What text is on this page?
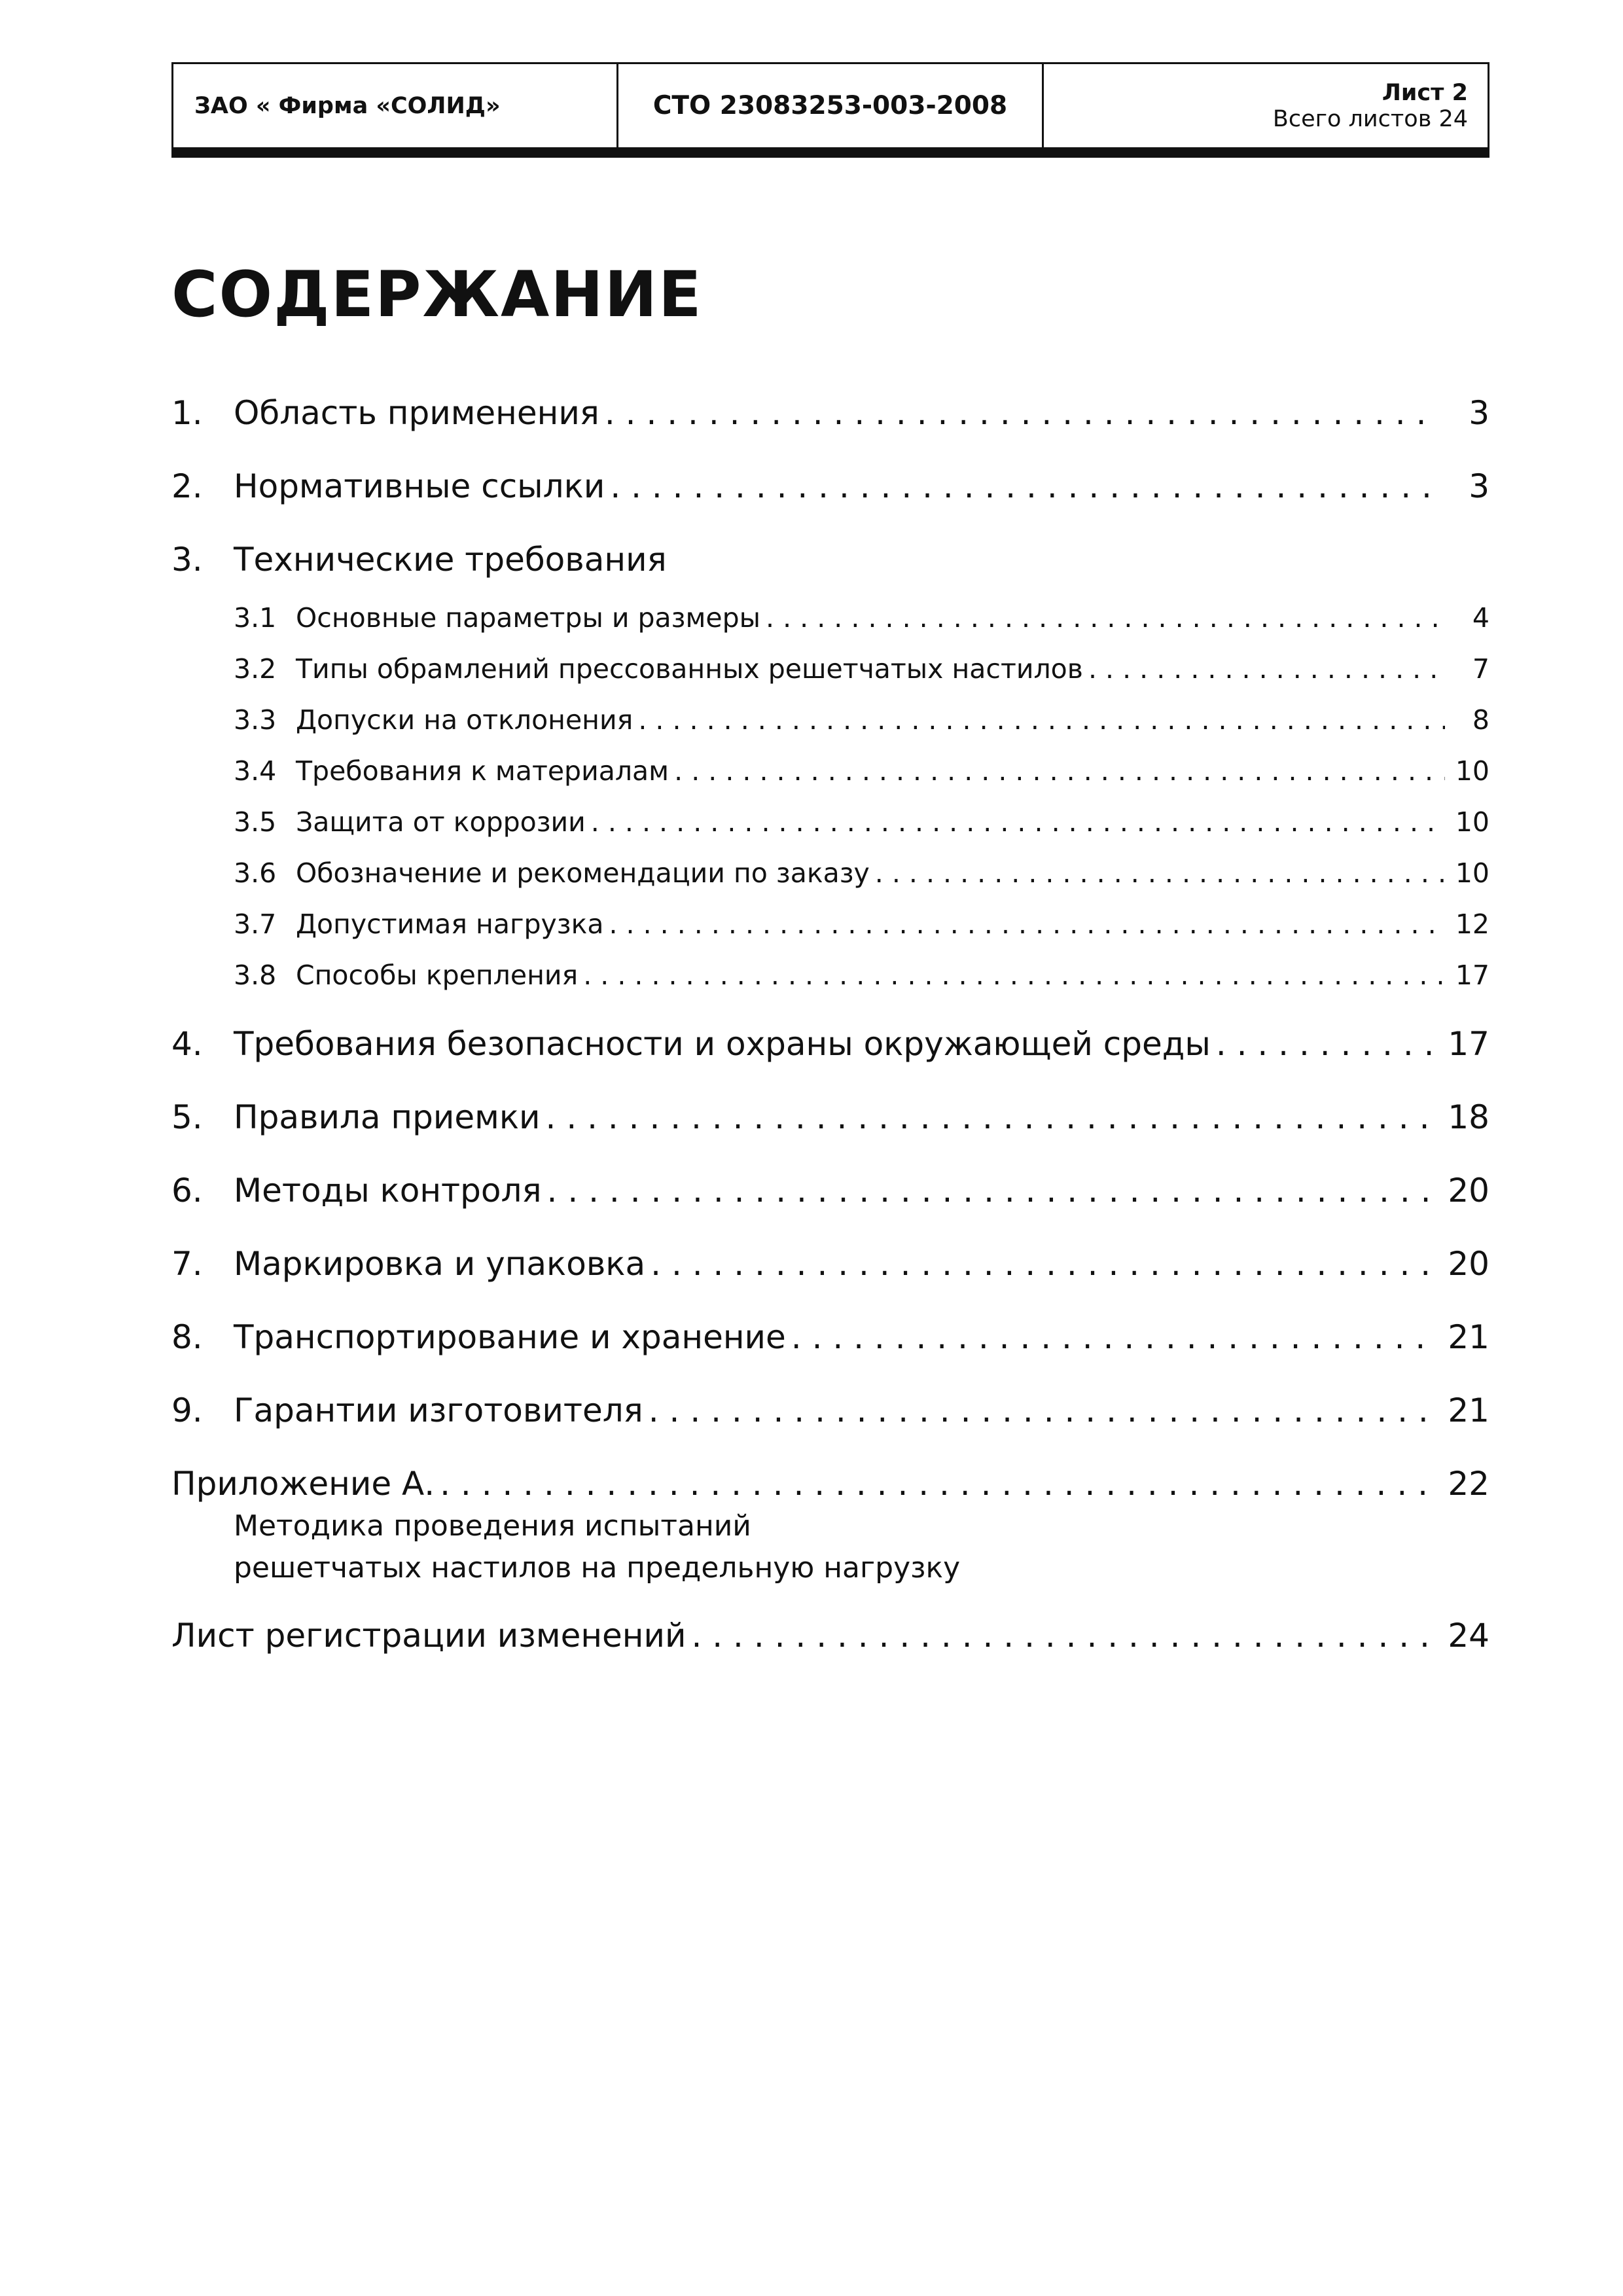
ЗАО « Фирма «СОЛИД»	СТО 23083253-003-2008	Лист 2
Всего листов 24
СОДЕРЖАНИЕ
1. Область применения . . .	3
2. Нормативные ссылки . . .	3
3. Технические требования
3.1 Основные параметры и размеры . . .	4
3.2 Типы обрамлений прессованных решетчатых настилов . . .	7
3.3 Допуски на отклонения . . .	8
3.4 Требования к материалам . . .	10
3.5 Защита от коррозии . . .	10
3.6 Обозначение и рекомендации по заказу . . .	10
3.7 Допустимая нагрузка . . .	12
3.8 Способы крепления . . .	17
4. Требования безопасности и охраны окружающей среды . . .	17
5. Правила приемки . . .	18
6. Методы контроля . . .	20
7. Маркировка и упаковка . . .	20
8. Транспортирование и хранение . . .	21
9. Гарантии изготовителя . . .	21
Приложение А. . . .	22
Методика проведения испытаний
решетчатых настилов на предельную нагрузку
Лист регистрации изменений . . .	24
